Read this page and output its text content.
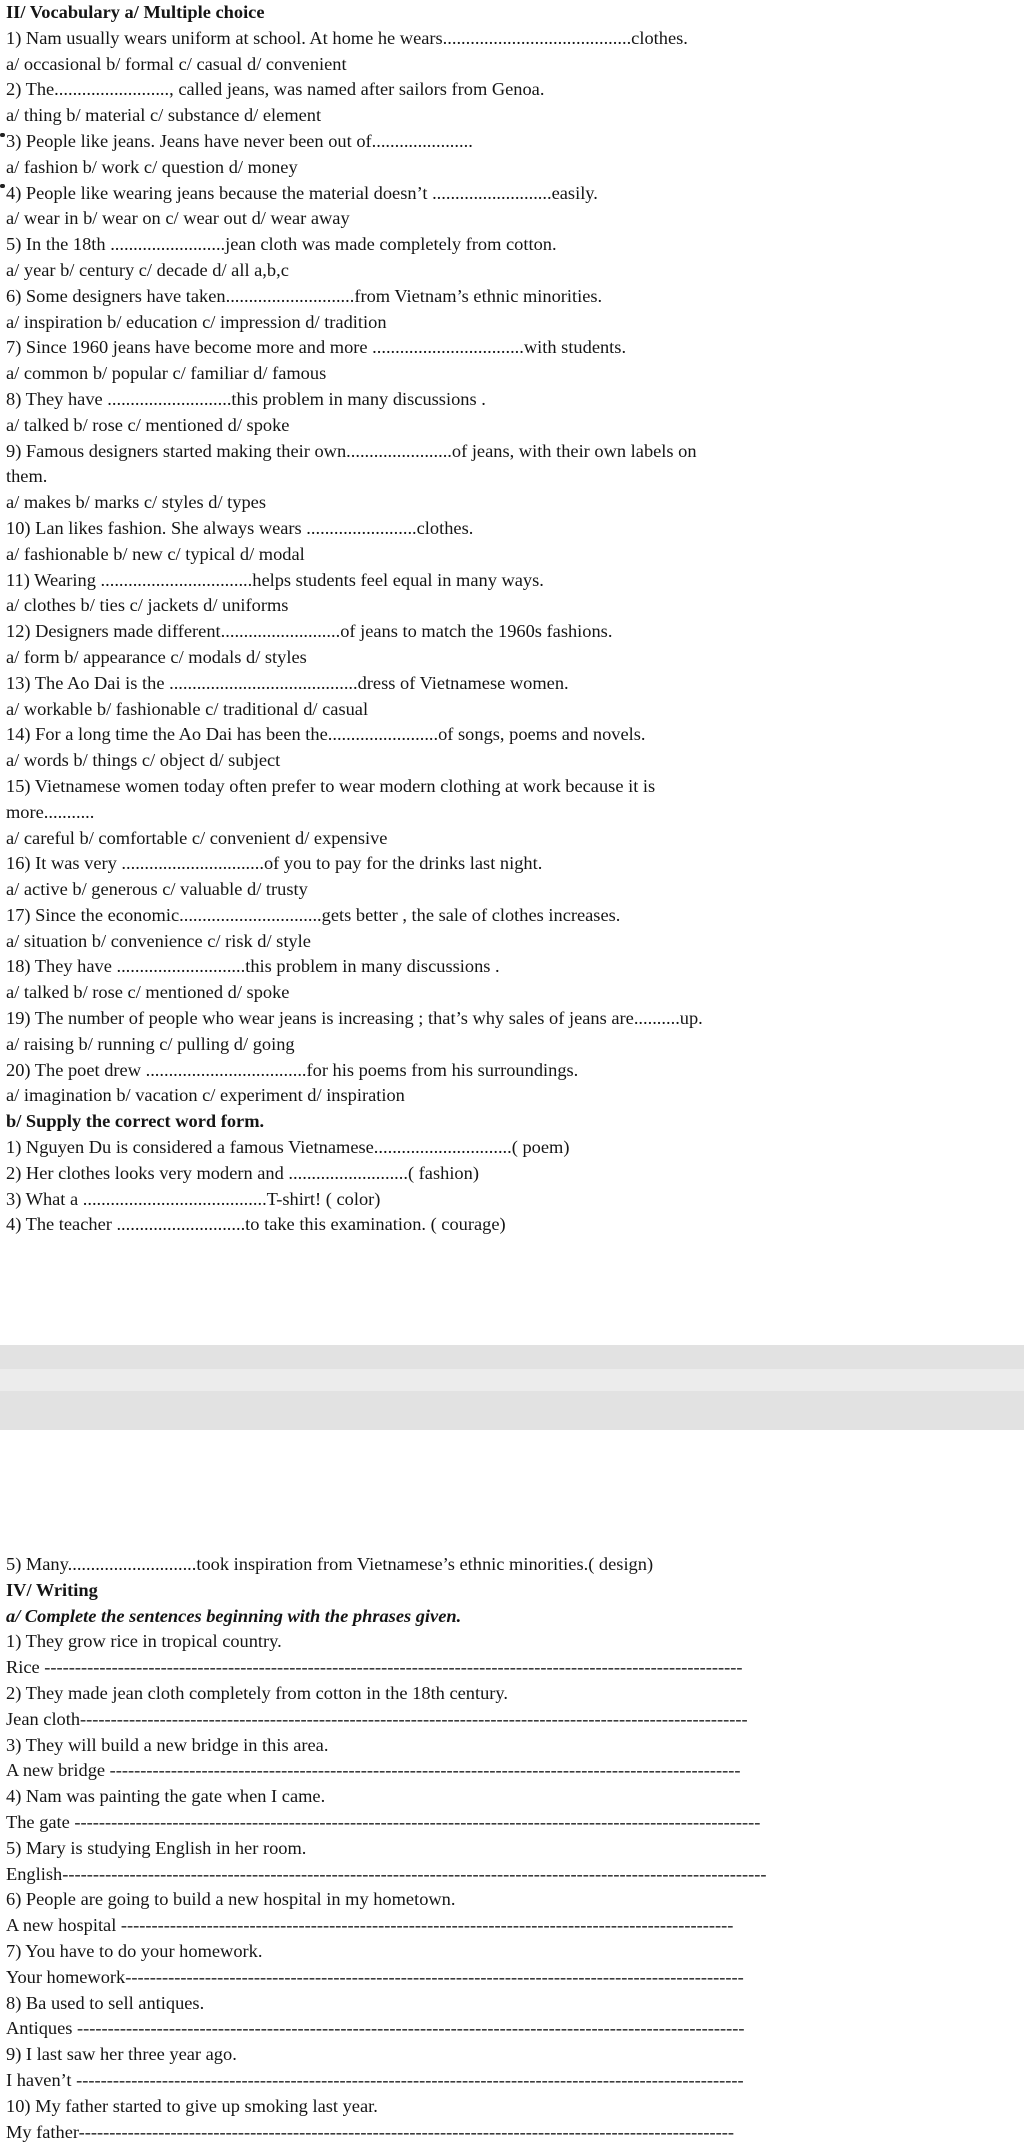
II/ Vocabulary a/ Multiple choice
1) Nam usually wears uniform at school. At home he wears.........................................clothes.
a/ occasional b/ formal c/ casual d/ convenient
2) The........................., called jeans, was named after sailors from Genoa.
a/ thing b/ material c/ substance d/ element
3) People like jeans. Jeans have never been out of......................
a/ fashion b/ work c/ question d/ money
4) People like wearing jeans because the material doesn’t ..........................easily.
a/ wear in b/ wear on c/ wear out d/ wear away
5) In the 18th .........................jean cloth was made completely from cotton.
a/ year b/ century c/ decade d/ all a,b,c
6) Some designers have taken............................from Vietnam’s ethnic minorities.
a/ inspiration b/ education c/ impression d/ tradition
7) Since 1960 jeans have become more and more .................................with students.
a/ common b/ popular c/ familiar d/ famous
8) They have ...........................this problem in many discussions .
a/ talked b/ rose c/ mentioned d/ spoke
9) Famous designers started making their own.......................of jeans, with their own labels on
them.
a/ makes b/ marks c/ styles d/ types
10) Lan likes fashion. She always wears ........................clothes.
a/ fashionable b/ new c/ typical d/ modal
11) Wearing .................................helps students feel equal in many ways.
a/ clothes b/ ties c/ jackets d/ uniforms
12) Designers made different..........................of jeans to match the 1960s fashions.
a/ form b/ appearance c/ modals d/ styles
13) The Ao Dai is the .........................................dress of Vietnamese women.
a/ workable b/ fashionable c/ traditional d/ casual
14) For a long time the Ao Dai has been the........................of songs, poems and novels.
a/ words b/ things c/ object d/ subject
15) Vietnamese women today often prefer to wear modern clothing at work because it is
more...........
a/ careful b/ comfortable c/ convenient d/ expensive
16) It was very ...............................of you to pay for the drinks last night.
a/ active b/ generous c/ valuable d/ trusty
17) Since the economic...............................gets better , the sale of clothes increases.
a/ situation b/ convenience c/ risk d/ style
18) They have ............................this problem in many discussions .
a/ talked b/ rose c/ mentioned d/ spoke
19) The number of people who wear jeans is increasing ; that’s why sales of jeans are..........up.
a/ raising b/ running c/ pulling d/ going
20) The poet drew ...................................for his poems from his surroundings.
a/ imagination b/ vacation c/ experiment d/ inspiration
b/ Supply the correct word form.
1) Nguyen Du is considered a famous Vietnamese..............................( poem)
2) Her clothes looks very modern and ..........................( fashion)
3) What a ........................................T-shirt! ( color)
4) The teacher ............................to take this examination. ( courage)
5) Many............................took inspiration from Vietnamese’s ethnic minorities.( design)
IV/ Writing
a/ Complete the sentences beginning with the phrases given.
1) They grow rice in tropical country.
Rice ------------------------------------------------------------------------------------------------------------------
2) They made jean cloth completely from cotton in the 18th century.
Jean cloth-------------------------------------------------------------------------------------------------------------
3) They will build a new bridge in this area.
A new bridge -------------------------------------------------------------------------------------------------------
4) Nam was painting the gate when I came.
The gate ----------------------------------------------------------------------------------------------------------------
5) Mary is studying English in her room.
English-------------------------------------------------------------------------------------------------------------------
6) People are going to build a new hospital in my hometown.
A new hospital ----------------------------------------------------------------------------------------------------
7) You have to do your homework.
Your homework-----------------------------------------------------------------------------------------------------
8) Ba used to sell antiques.
Antiques -------------------------------------------------------------------------------------------------------------
9) I last saw her three year ago.
I haven’t -------------------------------------------------------------------------------------------------------------
10) My father started to give up smoking last year.
My father-----------------------------------------------------------------------------------------------------------
